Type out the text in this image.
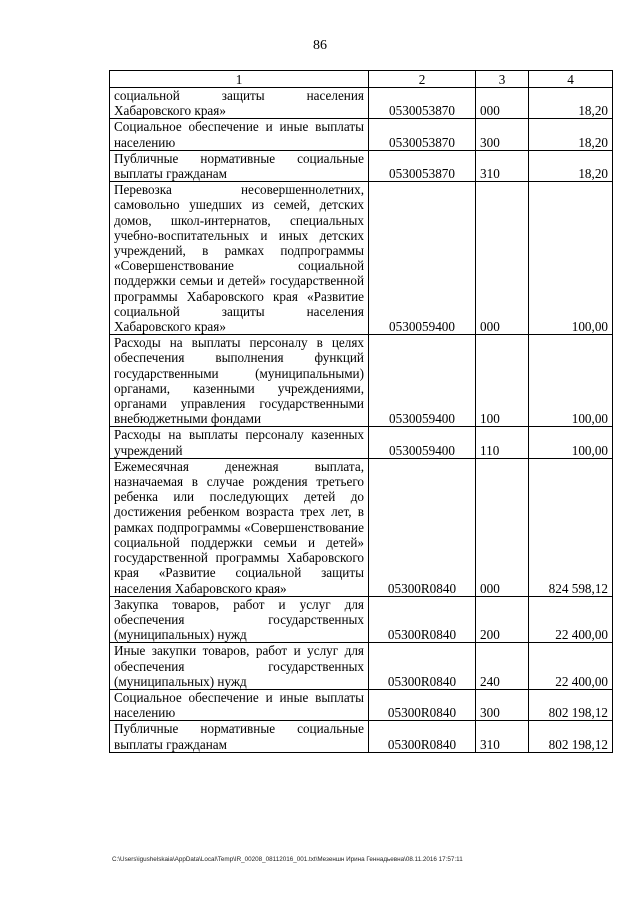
86
1	2	3	4
социальной защиты населения Хабаровского края»	0530053870	000	18,20
Социальное обеспечение и иные выплаты населению	0530053870	300	18,20
Публичные нормативные социальные выплаты гражданам	0530053870	310	18,20
Перевозка несовершеннолетних, самовольно ушедших из семей, детских домов, школ-интернатов, специальных учебно-воспитательных и иных детских учреждений, в рамках подпрограммы «Совершенствование социальной поддержки семьи и детей» государственной программы Хабаровского края «Развитие социальной защиты населения Хабаровского края»	0530059400	000	100,00
Расходы на выплаты персоналу в целях обеспечения выполнения функций государственными (муниципальными) органами, казенными учреждениями, органами управления государственными внебюджетными фондами	0530059400	100	100,00
Расходы на выплаты персоналу казенных учреждений	0530059400	110	100,00
Ежемесячная денежная выплата, назначаемая в случае рождения третьего ребенка или последующих детей до достижения ребенком возраста трех лет, в рамках подпрограммы «Совершенствование социальной поддержки семьи и детей» государственной программы Хабаровского края «Развитие социальной защиты населения Хабаровского края»	05300R0840	000	824 598,12
Закупка товаров, работ и услуг для обеспечения государственных (муниципальных) нужд	05300R0840	200	22 400,00
Иные закупки товаров, работ и услуг для обеспечения государственных (муниципальных) нужд	05300R0840	240	22 400,00
Социальное обеспечение и иные выплаты населению	05300R0840	300	802 198,12
Публичные нормативные социальные выплаты гражданам	05300R0840	310	802 198,12
C:\Users\igushelskaia\AppData\Local\Temp\IR_00208_08112016_001.txt\Мезеншн Ирина Геннадьевна\08.11.2016 17:57:11
